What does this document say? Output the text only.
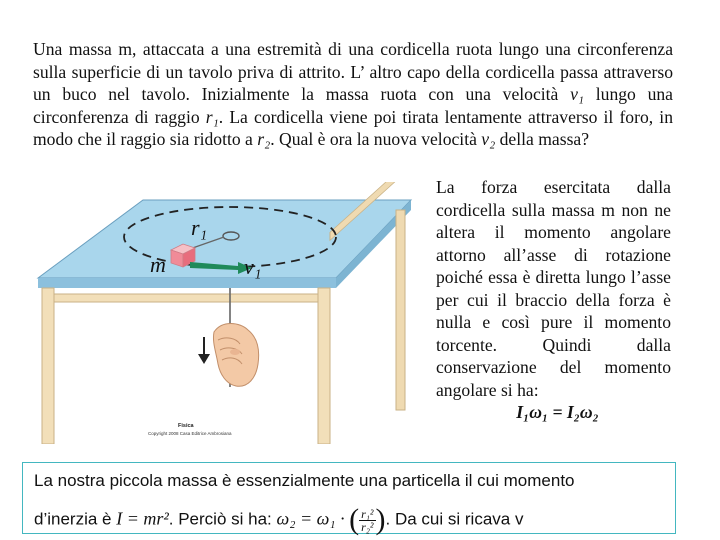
Una massa m, attaccata a una estremità di una cordicella ruota lungo una circonferenza sulla superficie di un tavolo priva di attrito. L’ altro capo della cordicella passa attraverso un buco nel tavolo. Inizialmente la massa ruota con una velocità v₁ lungo una circonferenza di raggio r₁. La cordicella viene poi tirata lentamente attraverso il foro, in modo che il raggio sia ridotto a r₂. Qual è ora la nuova velocità v₂ della massa?
r₁
m	v₁
Fisica
Copyright 2008 Casa Editrice Ambrosiana
La forza esercitata dalla cordicella sulla massa m non ne altera il momento angolare attorno all’asse di rotazione poiché essa è diretta lungo l’asse per cui il braccio della forza è nulla e così pure il momento torcente. Quindi dalla conservazione del momento angolare si ha:
I₁ω₁ = I₂ω₂

La nostra piccola massa è essenzialmente una particella il cui momento

d’inerzia è I = mr². Perciò si ha: ω₂ = ω₁ · ( $\frac{\text{r₁²}}{\text{r₂²}}$ ). Da cui si ricava v
